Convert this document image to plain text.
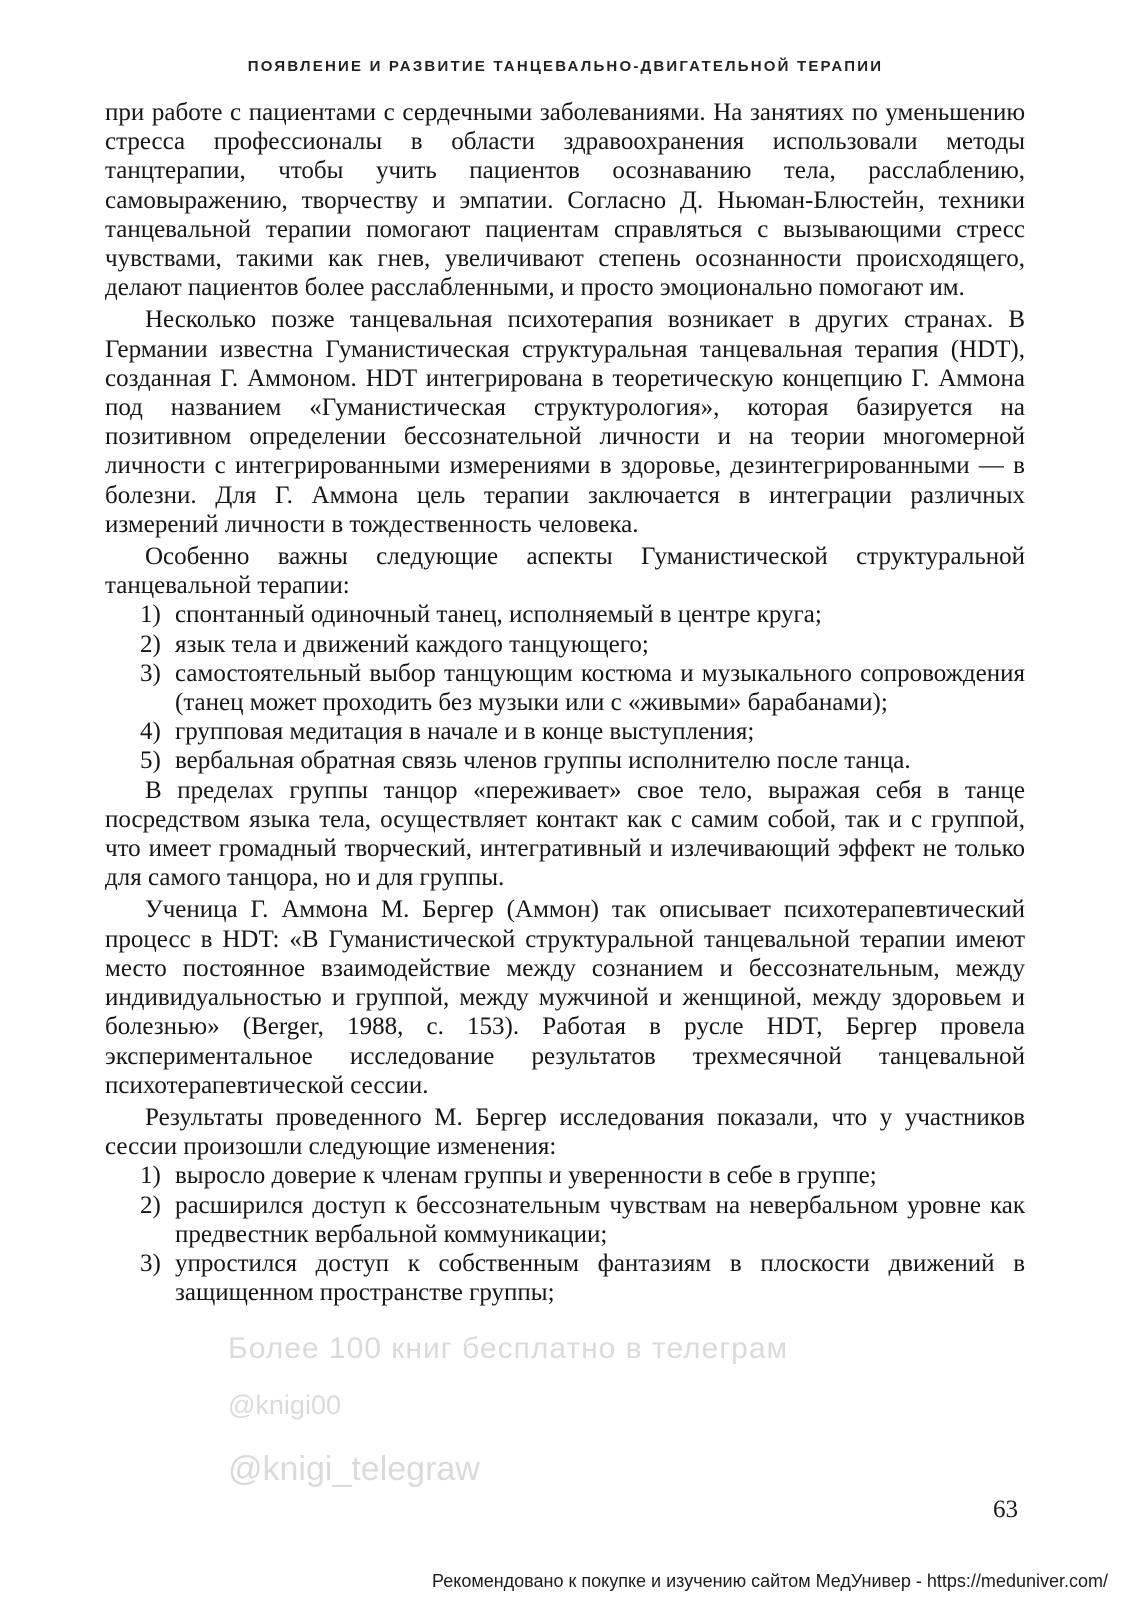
ПОЯВЛЕНИЕ И РАЗВИТИЕ ТАНЦЕВАЛЬНО-ДВИГАТЕЛЬНОЙ ТЕРАПИИ

при работе с пациентами с сердечными заболеваниями. На занятиях по уменьшению стресса профессионалы в области здравоохранения использовали методы танцтерапии, чтобы учить пациентов осознаванию тела, расслаблению, самовыражению, творчеству и эмпатии. Согласно Д. Ньюман-Блюстейн, техники танцевальной терапии помогают пациентам справляться с вызывающими стресс чувствами, такими как гнев, увеличивают степень осознанности происходящего, делают пациентов более расслабленными, и просто эмоционально помогают им.

Несколько позже танцевальная психотерапия возникает в других странах. В Германии известна Гуманистическая структуральная танцевальная терапия (HDT), созданная Г. Аммоном. HDT интегрирована в теоретическую концепцию Г. Аммона под названием «Гуманистическая структурология», которая базируется на позитивном определении бессознательной личности и на теории многомерной личности с интегрированными измерениями в здоровье, дезинтегрированными — в болезни. Для Г. Аммона цель терапии заключается в интеграции различных измерений личности в тождественность человека.

Особенно важны следующие аспекты Гуманистической структуральной танцевальной терапии:

1) спонтанный одиночный танец, исполняемый в центре круга;
2) язык тела и движений каждого танцующего;
3) самостоятельный выбор танцующим костюма и музыкального сопровождения (танец может проходить без музыки или с «живыми» барабанами);
4) групповая медитация в начале и в конце выступления;
5) вербальная обратная связь членов группы исполнителю после танца.

В пределах группы танцор «переживает» свое тело, выражая себя в танце посредством языка тела, осуществляет контакт как с самим собой, так и с группой, что имеет громадный творческий, интегративный и излечивающий эффект не только для самого танцора, но и для группы.

Ученица Г. Аммона М. Бергер (Аммон) так описывает психотерапевтический процесс в HDT: «В Гуманистической структуральной танцевальной терапии имеют место постоянное взаимодействие между сознанием и бессознательным, между индивидуальностью и группой, между мужчиной и женщиной, между здоровьем и болезнью» (Berger, 1988, с. 153). Работая в русле HDT, Бергер провела экспериментальное исследование результатов трехмесячной танцевальной психотерапевтической сессии.

Результаты проведенного М. Бергер исследования показали, что у участников сессии произошли следующие изменения:

1) выросло доверие к членам группы и уверенности в себе в группе;
2) расширился доступ к бессознательным чувствам на невербальном уровне как предвестник вербальной коммуникации;
3) упростился доступ к собственным фантазиям в плоскости движений в защищенном пространстве группы;
Более 100 книг бесплатно в телеграм
@knigi00
@knigi_telegraw
63
Рекомендовано к покупке и изучению сайтом МедУнивер - https://meduniver.com/
